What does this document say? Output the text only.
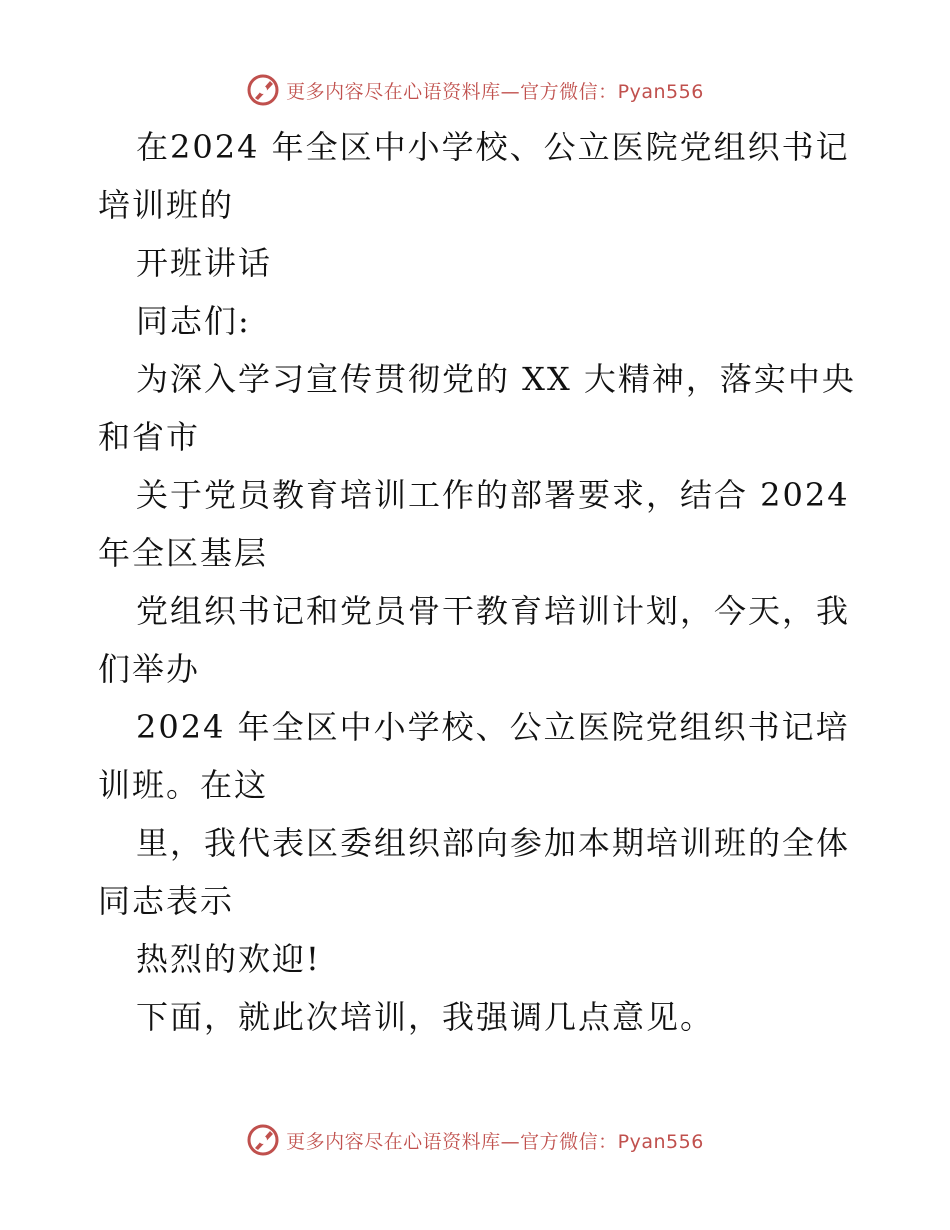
更多内容尽在心语资料库—官方微信：Pyan556
在2024 年全区中小学校、公立医院党组织书记
培训班的
开班讲话
同志们:
为深入学习宣传贯彻党的 XX 大精神，落实中央
和省市
关于党员教育培训工作的部署要求，结合 2024
年全区基层
党组织书记和党员骨干教育培训计划，今天，我
们举办
2024 年全区中小学校、公立医院党组织书记培
训班。在这
里，我代表区委组织部向参加本期培训班的全体
同志表示
热烈的欢迎!
下面，就此次培训，我强调几点意见。
更多内容尽在心语资料库—官方微信：Pyan556
